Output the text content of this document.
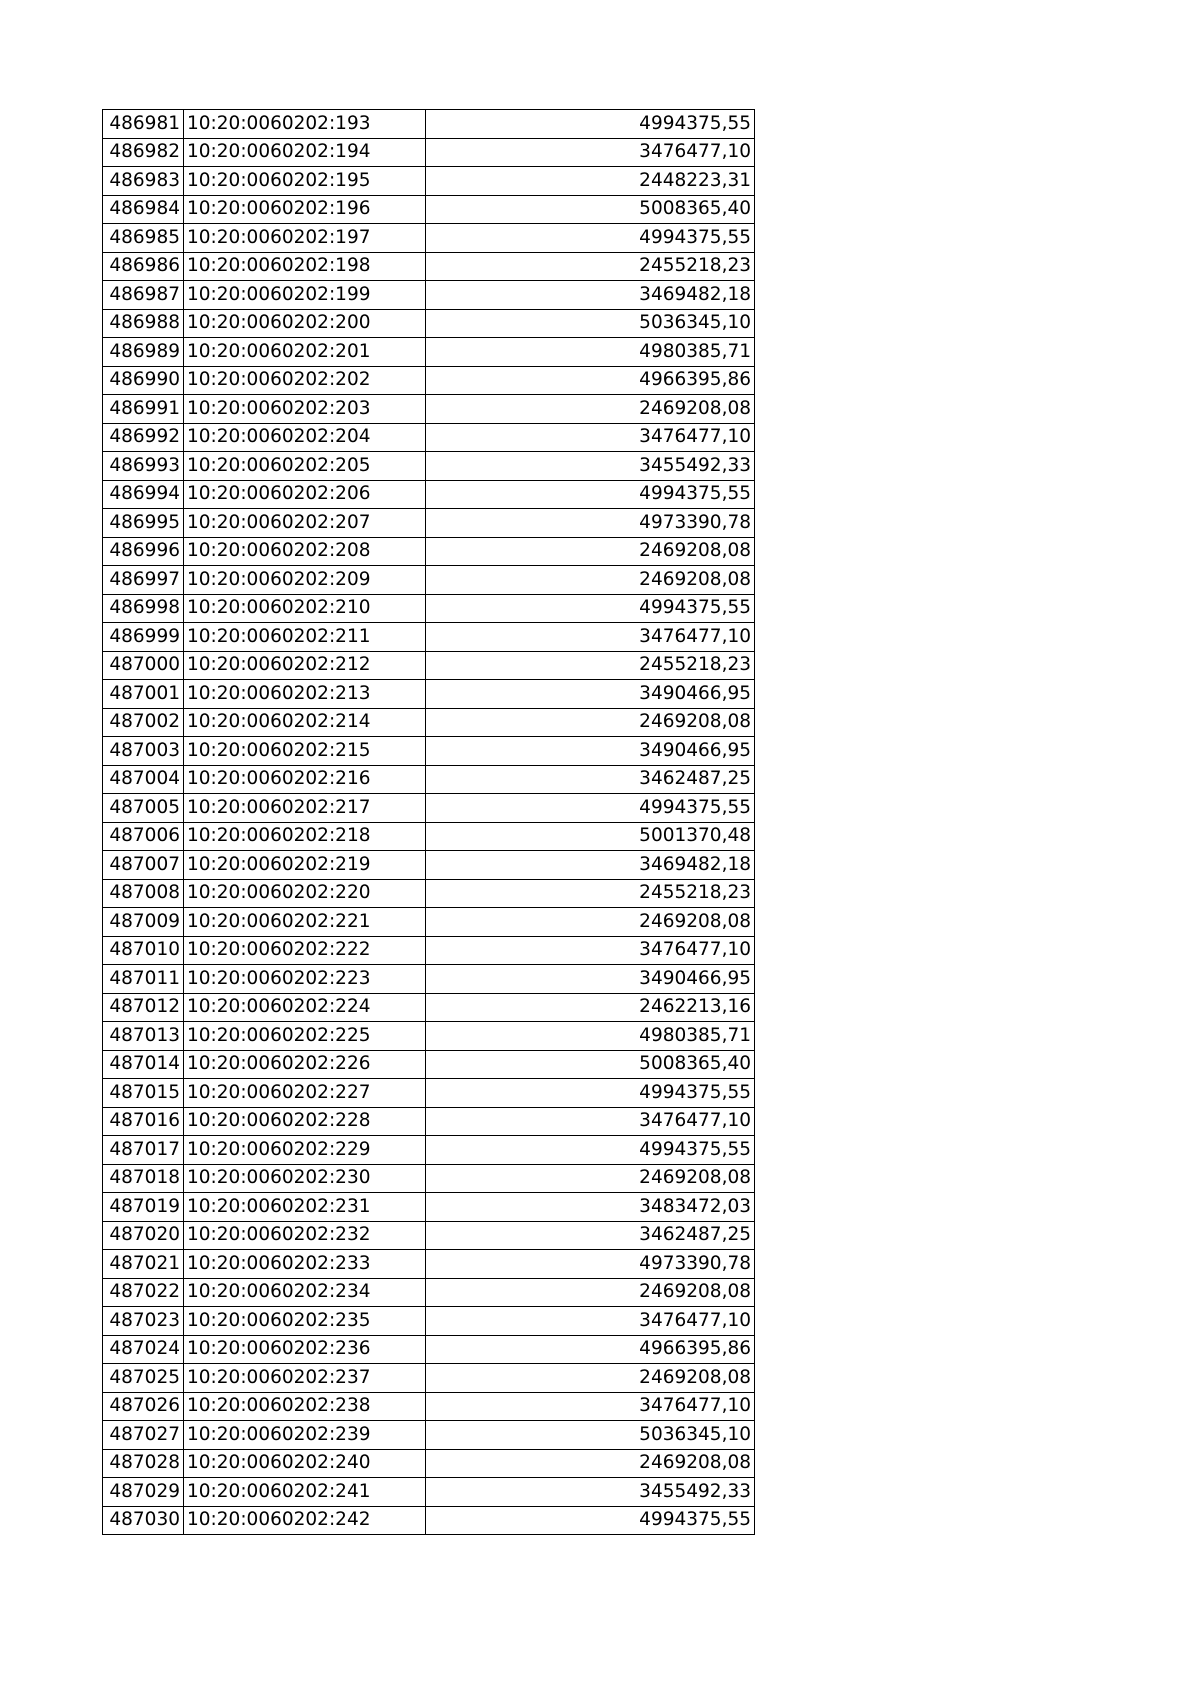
486981	10:20:0060202:193	4994375,55
486982	10:20:0060202:194	3476477,10
486983	10:20:0060202:195	2448223,31
486984	10:20:0060202:196	5008365,40
486985	10:20:0060202:197	4994375,55
486986	10:20:0060202:198	2455218,23
486987	10:20:0060202:199	3469482,18
486988	10:20:0060202:200	5036345,10
486989	10:20:0060202:201	4980385,71
486990	10:20:0060202:202	4966395,86
486991	10:20:0060202:203	2469208,08
486992	10:20:0060202:204	3476477,10
486993	10:20:0060202:205	3455492,33
486994	10:20:0060202:206	4994375,55
486995	10:20:0060202:207	4973390,78
486996	10:20:0060202:208	2469208,08
486997	10:20:0060202:209	2469208,08
486998	10:20:0060202:210	4994375,55
486999	10:20:0060202:211	3476477,10
487000	10:20:0060202:212	2455218,23
487001	10:20:0060202:213	3490466,95
487002	10:20:0060202:214	2469208,08
487003	10:20:0060202:215	3490466,95
487004	10:20:0060202:216	3462487,25
487005	10:20:0060202:217	4994375,55
487006	10:20:0060202:218	5001370,48
487007	10:20:0060202:219	3469482,18
487008	10:20:0060202:220	2455218,23
487009	10:20:0060202:221	2469208,08
487010	10:20:0060202:222	3476477,10
487011	10:20:0060202:223	3490466,95
487012	10:20:0060202:224	2462213,16
487013	10:20:0060202:225	4980385,71
487014	10:20:0060202:226	5008365,40
487015	10:20:0060202:227	4994375,55
487016	10:20:0060202:228	3476477,10
487017	10:20:0060202:229	4994375,55
487018	10:20:0060202:230	2469208,08
487019	10:20:0060202:231	3483472,03
487020	10:20:0060202:232	3462487,25
487021	10:20:0060202:233	4973390,78
487022	10:20:0060202:234	2469208,08
487023	10:20:0060202:235	3476477,10
487024	10:20:0060202:236	4966395,86
487025	10:20:0060202:237	2469208,08
487026	10:20:0060202:238	3476477,10
487027	10:20:0060202:239	5036345,10
487028	10:20:0060202:240	2469208,08
487029	10:20:0060202:241	3455492,33
487030	10:20:0060202:242	4994375,55
